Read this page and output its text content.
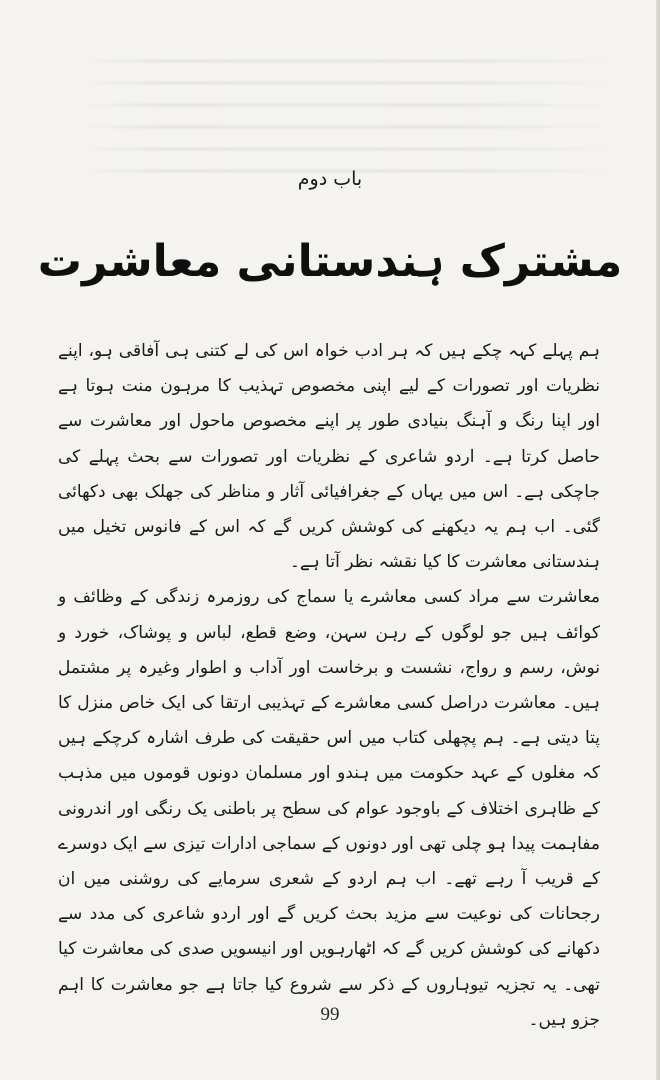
باب دوم
مشترک ہندستانی معاشرت

ہم پہلے کہہ چکے ہیں کہ ہر ادب خواہ اس کی لے کتنی ہی آفاقی ہو، اپنے نظریات اور تصورات کے لیے اپنی مخصوص تہذیب کا مرہون منت ہوتا ہے اور اپنا رنگ و آہنگ بنیادی طور پر اپنے مخصوص ماحول اور معاشرت سے حاصل کرتا ہے۔ اردو شاعری کے نظریات اور تصورات سے بحث پہلے کی جاچکی ہے۔ اس میں یہاں کے جغرافیائی آثار و مناظر کی جھلک بھی دکھائی گئی۔ اب ہم یہ دیکھنے کی کوشش کریں گے کہ اس کے فانوس تخیل میں ہندستانی معاشرت کا کیا نقشہ نظر آتا ہے۔

معاشرت سے مراد کسی معاشرے یا سماج کی روزمرہ زندگی کے وظائف و کوائف ہیں جو لوگوں کے رہن سہن، وضع قطع، لباس و پوشاک، خورد و نوش، رسم و رواج، نشست و برخاست اور آداب و اطوار وغیرہ پر مشتمل ہیں۔ معاشرت دراصل کسی معاشرے کے تہذیبی ارتقا کی ایک خاص منزل کا پتا دیتی ہے۔ ہم پچھلی کتاب میں اس حقیقت کی طرف اشارہ کرچکے ہیں کہ مغلوں کے عہد حکومت میں ہندو اور مسلمان دونوں قوموں میں مذہب کے ظاہری اختلاف کے باوجود عوام کی سطح پر باطنی یک رنگی اور اندرونی مفاہمت پیدا ہو چلی تھی اور دونوں کے سماجی ادارات تیزی سے ایک دوسرے کے قریب آ رہے تھے۔ اب ہم اردو کے شعری سرمایے کی روشنی میں ان رجحانات کی نوعیت سے مزید بحث کریں گے اور اردو شاعری کی مدد سے دکھانے کی کوشش کریں گے کہ اٹھارہویں اور انیسویں صدی کی معاشرت کیا تھی۔ یہ تجزیہ تیوہاروں کے ذکر سے شروع کیا جاتا ہے جو معاشرت کا اہم جزو ہیں۔

99
